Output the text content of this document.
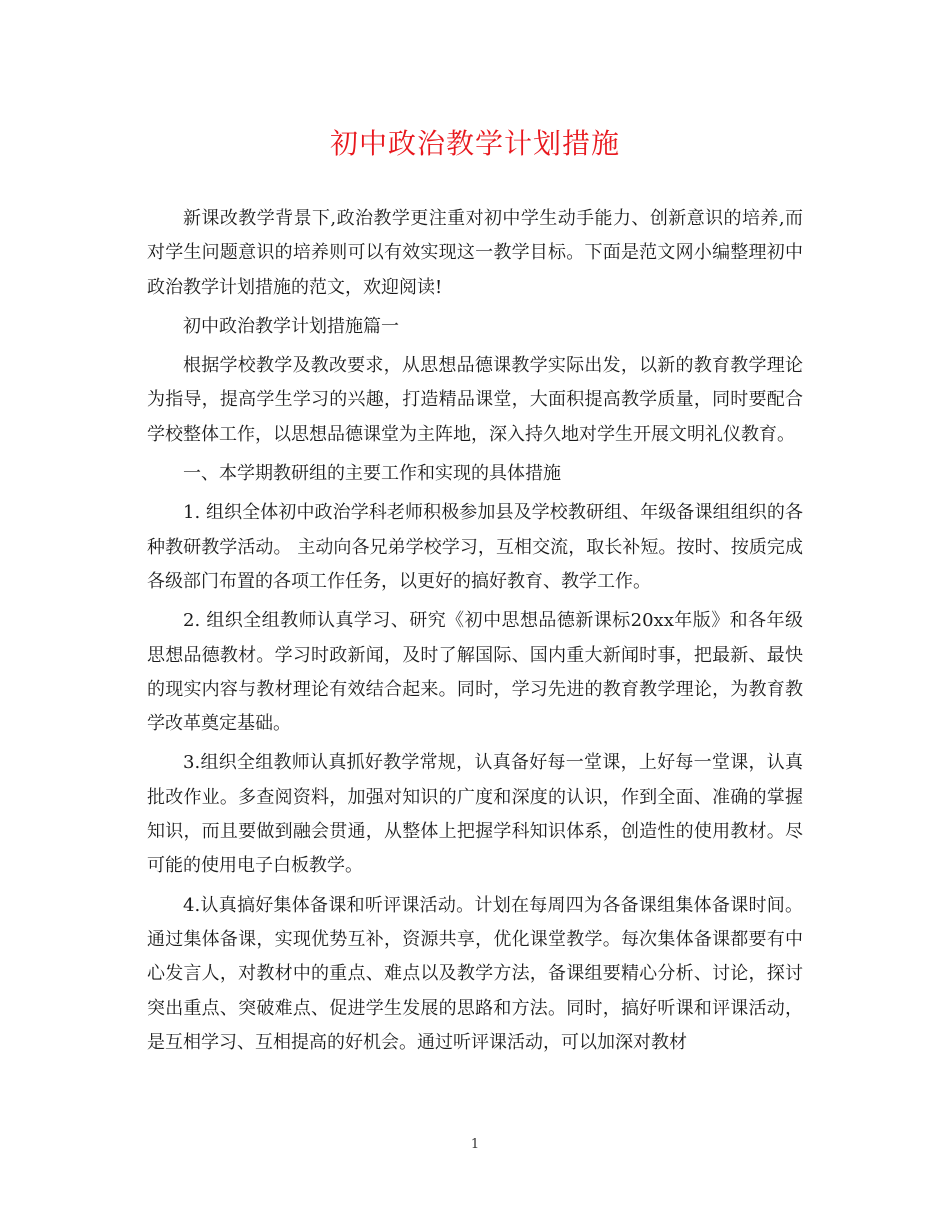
初中政治教学计划措施

新课改教学背景下,政治教学更注重对初中学生动手能力、创新意识的培养,而对学生问题意识的培养则可以有效实现这一教学目标。下面是范文网小编整理初中政治教学计划措施的范文，欢迎阅读!

初中政治教学计划措施篇一

根据学校教学及教改要求，从思想品德课教学实际出发，以新的教育教学理论为指导，提高学生学习的兴趣，打造精品课堂，大面积提高教学质量，同时要配合学校整体工作，以思想品德课堂为主阵地，深入持久地对学生开展文明礼仪教育。

一、本学期教研组的主要工作和实现的具体措施

1. 组织全体初中政治学科老师积极参加县及学校教研组、年级备课组组织的各种教研教学活动。 主动向各兄弟学校学习，互相交流，取长补短。按时、按质完成各级部门布置的各项工作任务，以更好的搞好教育、教学工作。

2. 组织全组教师认真学习、研究《初中思想品德新课标20xx年版》和各年级思想品德教材。学习时政新闻，及时了解国际、国内重大新闻时事，把最新、最快的现实内容与教材理论有效结合起来。同时，学习先进的教育教学理论，为教育教学改革奠定基础。

3.组织全组教师认真抓好教学常规，认真备好每一堂课，上好每一堂课，认真批改作业。多查阅资料，加强对知识的广度和深度的认识，作到全面、准确的掌握知识，而且要做到融会贯通，从整体上把握学科知识体系，创造性的使用教材。尽可能的使用电子白板教学。

4.认真搞好集体备课和听评课活动。计划在每周四为各备课组集体备课时间。通过集体备课，实现优势互补，资源共享，优化课堂教学。每次集体备课都要有中心发言人，对教材中的重点、难点以及教学方法，备课组要精心分析、讨论，探讨突出重点、突破难点、促进学生发展的思路和方法。同时，搞好听课和评课活动，是互相学习、互相提高的好机会。通过听评课活动，可以加深对教材

1
